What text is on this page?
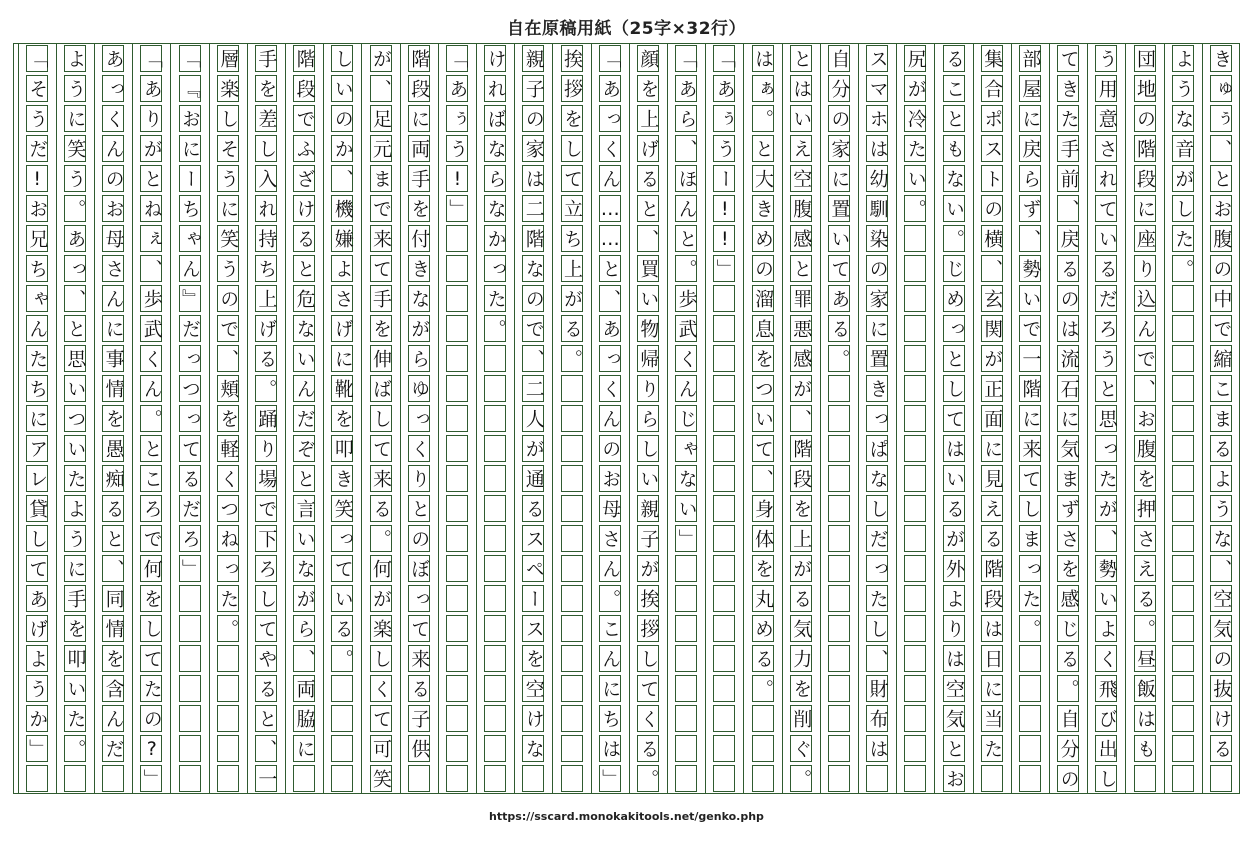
自在原稿用紙（25字×32行）
き
ゅ
ぅ
、
と
お
腹
の
中
で
縮
こ
ま
る
よ
う
な
、
空
気
の
抜
け
る
よ
う
な
音
が
し
た
。
団
地
の
階
段
に
座
り
込
ん
で
、
お
腹
を
押
さ
え
る
。
昼
飯
は
も
う
用
意
さ
れ
て
い
る
だ
ろ
う
と
思
っ
た
が
、
勢
い
よ
く
飛
び
出
し
て
き
た
手
前
、
戻
る
の
は
流
石
に
気
ま
ず
さ
を
感
じ
る
。
自
分
の
部
屋
に
戻
ら
ず
、
勢
い
で
一
階
に
来
て
し
ま
っ
た
。
集
合
ポ
ス
ト
の
横
、
玄
関
が
正
面
に
見
え
る
階
段
は
日
に
当
た
る
こ
と
も
な
い
。
じ
め
っ
と
し
て
は
い
る
が
外
よ
り
は
空
気
と
お
尻
が
冷
た
い
。
ス
マ
ホ
は
幼
馴
染
の
家
に
置
き
っ
ぱ
な
し
だ
っ
た
し
、
財
布
は
自
分
の
家
に
置
い
て
あ
る
。
と
は
い
え
空
腹
感
と
罪
悪
感
が
、
階
段
を
上
が
る
気
力
を
削
ぐ
。
は
ぁ
。
と
大
き
め
の
溜
息
を
つ
い
て
、
身
体
を
丸
め
る
。
「
あ
ぅ
う
ー
!
!
」
「
あ
ら
、
ほ
ん
と
。
歩
武
く
ん
じ
ゃ
な
い
」
顔
を
上
げ
る
と
、
買
い
物
帰
り
ら
し
い
親
子
が
挨
拶
し
て
く
る
。
「
あ
っ
く
ん
…
…
と
、
あ
っ
く
ん
の
お
母
さ
ん
。
こ
ん
に
ち
は
」
挨
拶
を
し
て
立
ち
上
が
る
。
親
子
の
家
は
二
階
な
の
で
、
二
人
が
通
る
ス
ペ
ー
ス
を
空
け
な
け
れ
ば
な
ら
な
か
っ
た
。
「
あ
ぅ
う
!
」
階
段
に
両
手
を
付
き
な
が
ら
ゆ
っ
く
り
と
の
ぼ
っ
て
来
る
子
供
が
、
足
元
ま
で
来
て
手
を
伸
ば
し
て
来
る
。
何
が
楽
し
く
て
可
笑
し
い
の
か
、
機
嫌
よ
さ
げ
に
靴
を
叩
き
笑
っ
て
い
る
。
階
段
で
ふ
ざ
け
る
と
危
な
い
ん
だ
ぞ
と
言
い
な
が
ら
、
両
脇
に
手
を
差
し
入
れ
持
ち
上
げ
る
。
踊
り
場
で
下
ろ
し
て
や
る
と
、
一
層
楽
し
そ
う
に
笑
う
の
で
、
頬
を
軽
く
つ
ね
っ
た
。
「
『
お
に
ー
ち
ゃ
ん
』
だ
っ
つ
っ
て
る
だ
ろ
」
「
あ
り
が
と
ね
ぇ
、
歩
武
く
ん
。
と
こ
ろ
で
何
を
し
て
た
の
?
」
あ
っ
く
ん
の
お
母
さ
ん
に
事
情
を
愚
痴
る
と
、
同
情
を
含
ん
だ
よ
う
に
笑
う
。
あ
っ
、
と
思
い
つ
い
た
よ
う
に
手
を
叩
い
た
。
「
そ
う
だ
!
お
兄
ち
ゃ
ん
た
ち
に
ア
レ
貸
し
て
あ
げ
よ
う
か
」
https://sscard.monokakitools.net/genko.php
